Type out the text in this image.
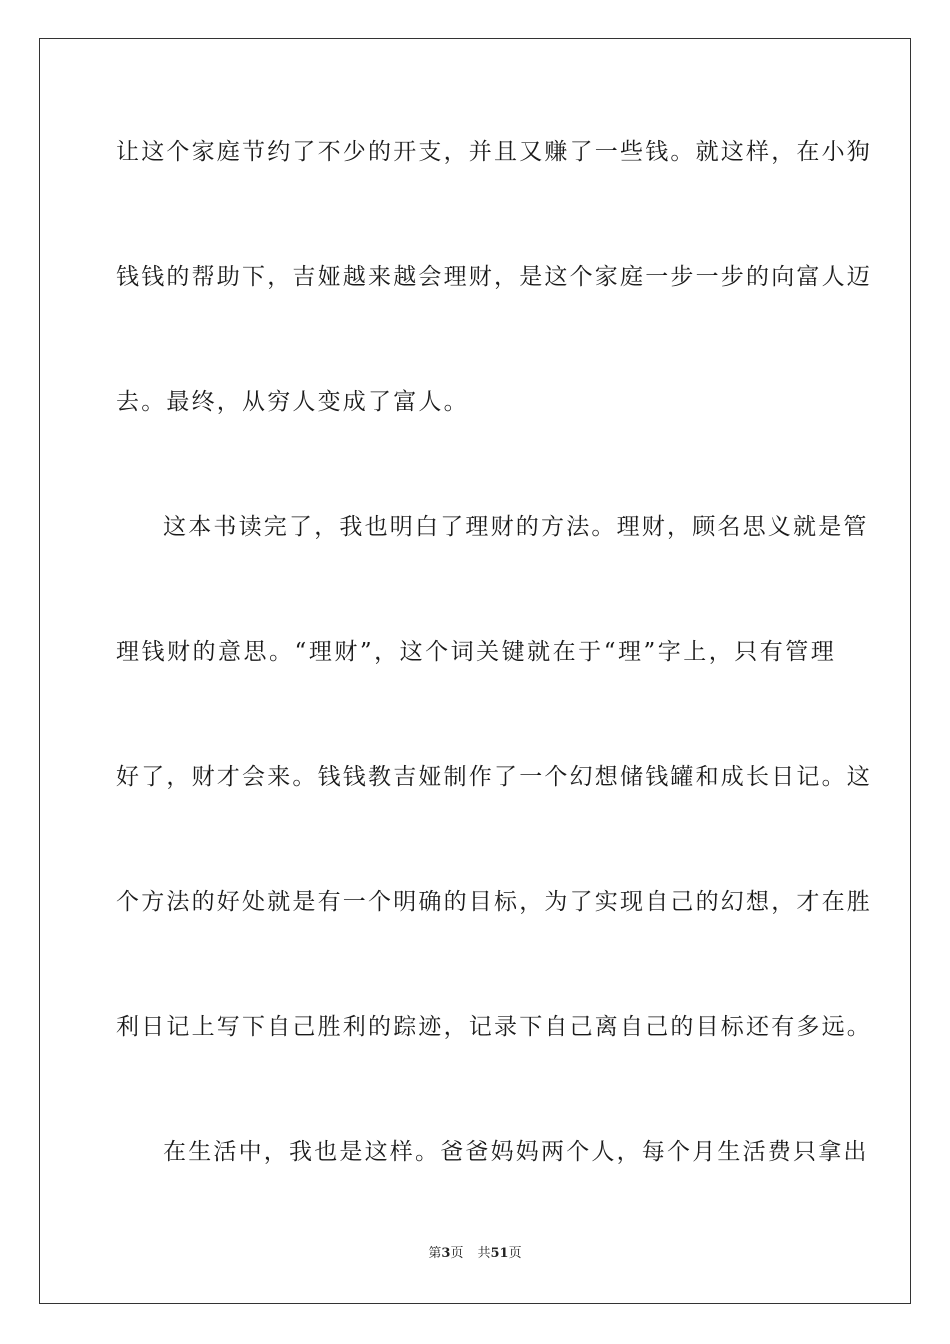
让这个家庭节约了不少的开支，并且又赚了一些钱。就这样，在小狗
钱钱的帮助下，吉娅越来越会理财，是这个家庭一步一步的向富人迈
去。最终，从穷人变成了富人。
这本书读完了，我也明白了理财的方法。理财，顾名思义就是管
理钱财的意思。“理财”，这个词关键就在于“理”字上，只有管理
好了，财才会来。钱钱教吉娅制作了一个幻想储钱罐和成长日记。这
个方法的好处就是有一个明确的目标，为了实现自己的幻想，才在胜
利日记上写下自己胜利的踪迹，记录下自己离自己的目标还有多远。
在生活中，我也是这样。爸爸妈妈两个人，每个月生活费只拿出
第3页 共51页
